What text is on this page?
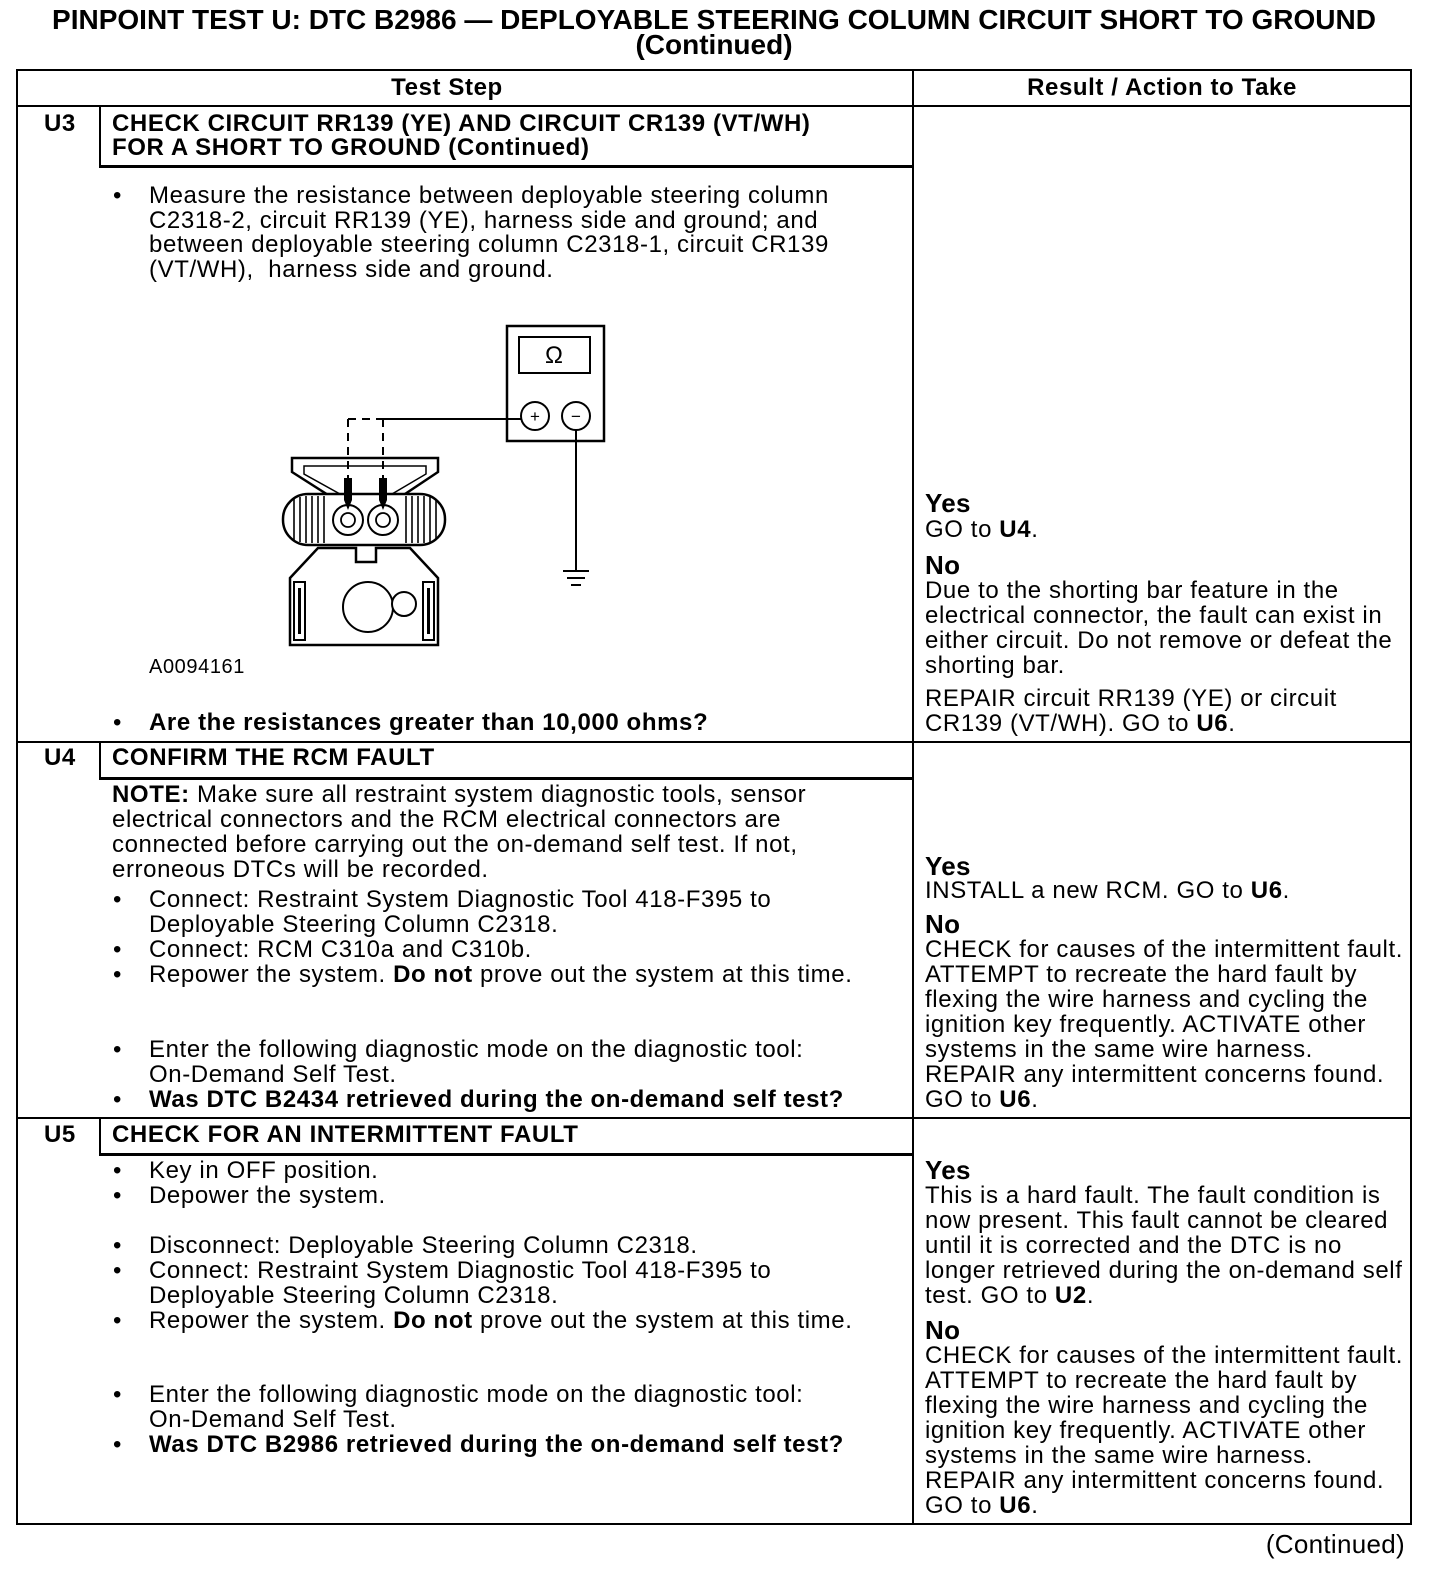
PINPOINT TEST U: DTC B2986 — DEPLOYABLE STEERING COLUMN CIRCUIT SHORT TO GROUND
(Continued)
Test Step	Result / Action to Take
U3 CHECK CIRCUIT RR139 (YE) AND CIRCUIT CR139 (VT/WH)
FOR A SHORT TO GROUND (Continued)
• Measure the resistance between deployable steering column
C2318-2, circuit RR139 (YE), harness side and ground; and
between deployable steering column C2318-1, circuit CR139
(VT/WH),  harness side and ground.
Ω
+ −
A0094161
• Are the resistances greater than 10,000 ohms?
Yes
GO to U4.
No
Due to the shorting bar feature in the
electrical connector, the fault can exist in
either circuit. Do not remove or defeat the
shorting bar.
REPAIR circuit RR139 (YE) or circuit
CR139 (VT/WH). GO to U6.
U4 CONFIRM THE RCM FAULT
NOTE: Make sure all restraint system diagnostic tools, sensor
electrical connectors and the RCM electrical connectors are
connected before carrying out the on-demand self test. If not,
erroneous DTCs will be recorded.
• Connect: Restraint System Diagnostic Tool 418-F395 to
Deployable Steering Column C2318.
• Connect: RCM C310a and C310b.
• Repower the system. Do not prove out the system at this time.
• Enter the following diagnostic mode on the diagnostic tool:
On-Demand Self Test.
• Was DTC B2434 retrieved during the on-demand self test?
Yes
INSTALL a new RCM. GO to U6.
No
CHECK for causes of the intermittent fault.
ATTEMPT to recreate the hard fault by
flexing the wire harness and cycling the
ignition key frequently. ACTIVATE other
systems in the same wire harness.
REPAIR any intermittent concerns found.
GO to U6.
U5 CHECK FOR AN INTERMITTENT FAULT
• Key in OFF position.
• Depower the system.
• Disconnect: Deployable Steering Column C2318.
• Connect: Restraint System Diagnostic Tool 418-F395 to
Deployable Steering Column C2318.
• Repower the system. Do not prove out the system at this time.
• Enter the following diagnostic mode on the diagnostic tool:
On-Demand Self Test.
• Was DTC B2986 retrieved during the on-demand self test?
Yes
This is a hard fault. The fault condition is
now present. This fault cannot be cleared
until it is corrected and the DTC is no
longer retrieved during the on-demand self
test. GO to U2.
No
CHECK for causes of the intermittent fault.
ATTEMPT to recreate the hard fault by
flexing the wire harness and cycling the
ignition key frequently. ACTIVATE other
systems in the same wire harness.
REPAIR any intermittent concerns found.
GO to U6.
(Continued)
